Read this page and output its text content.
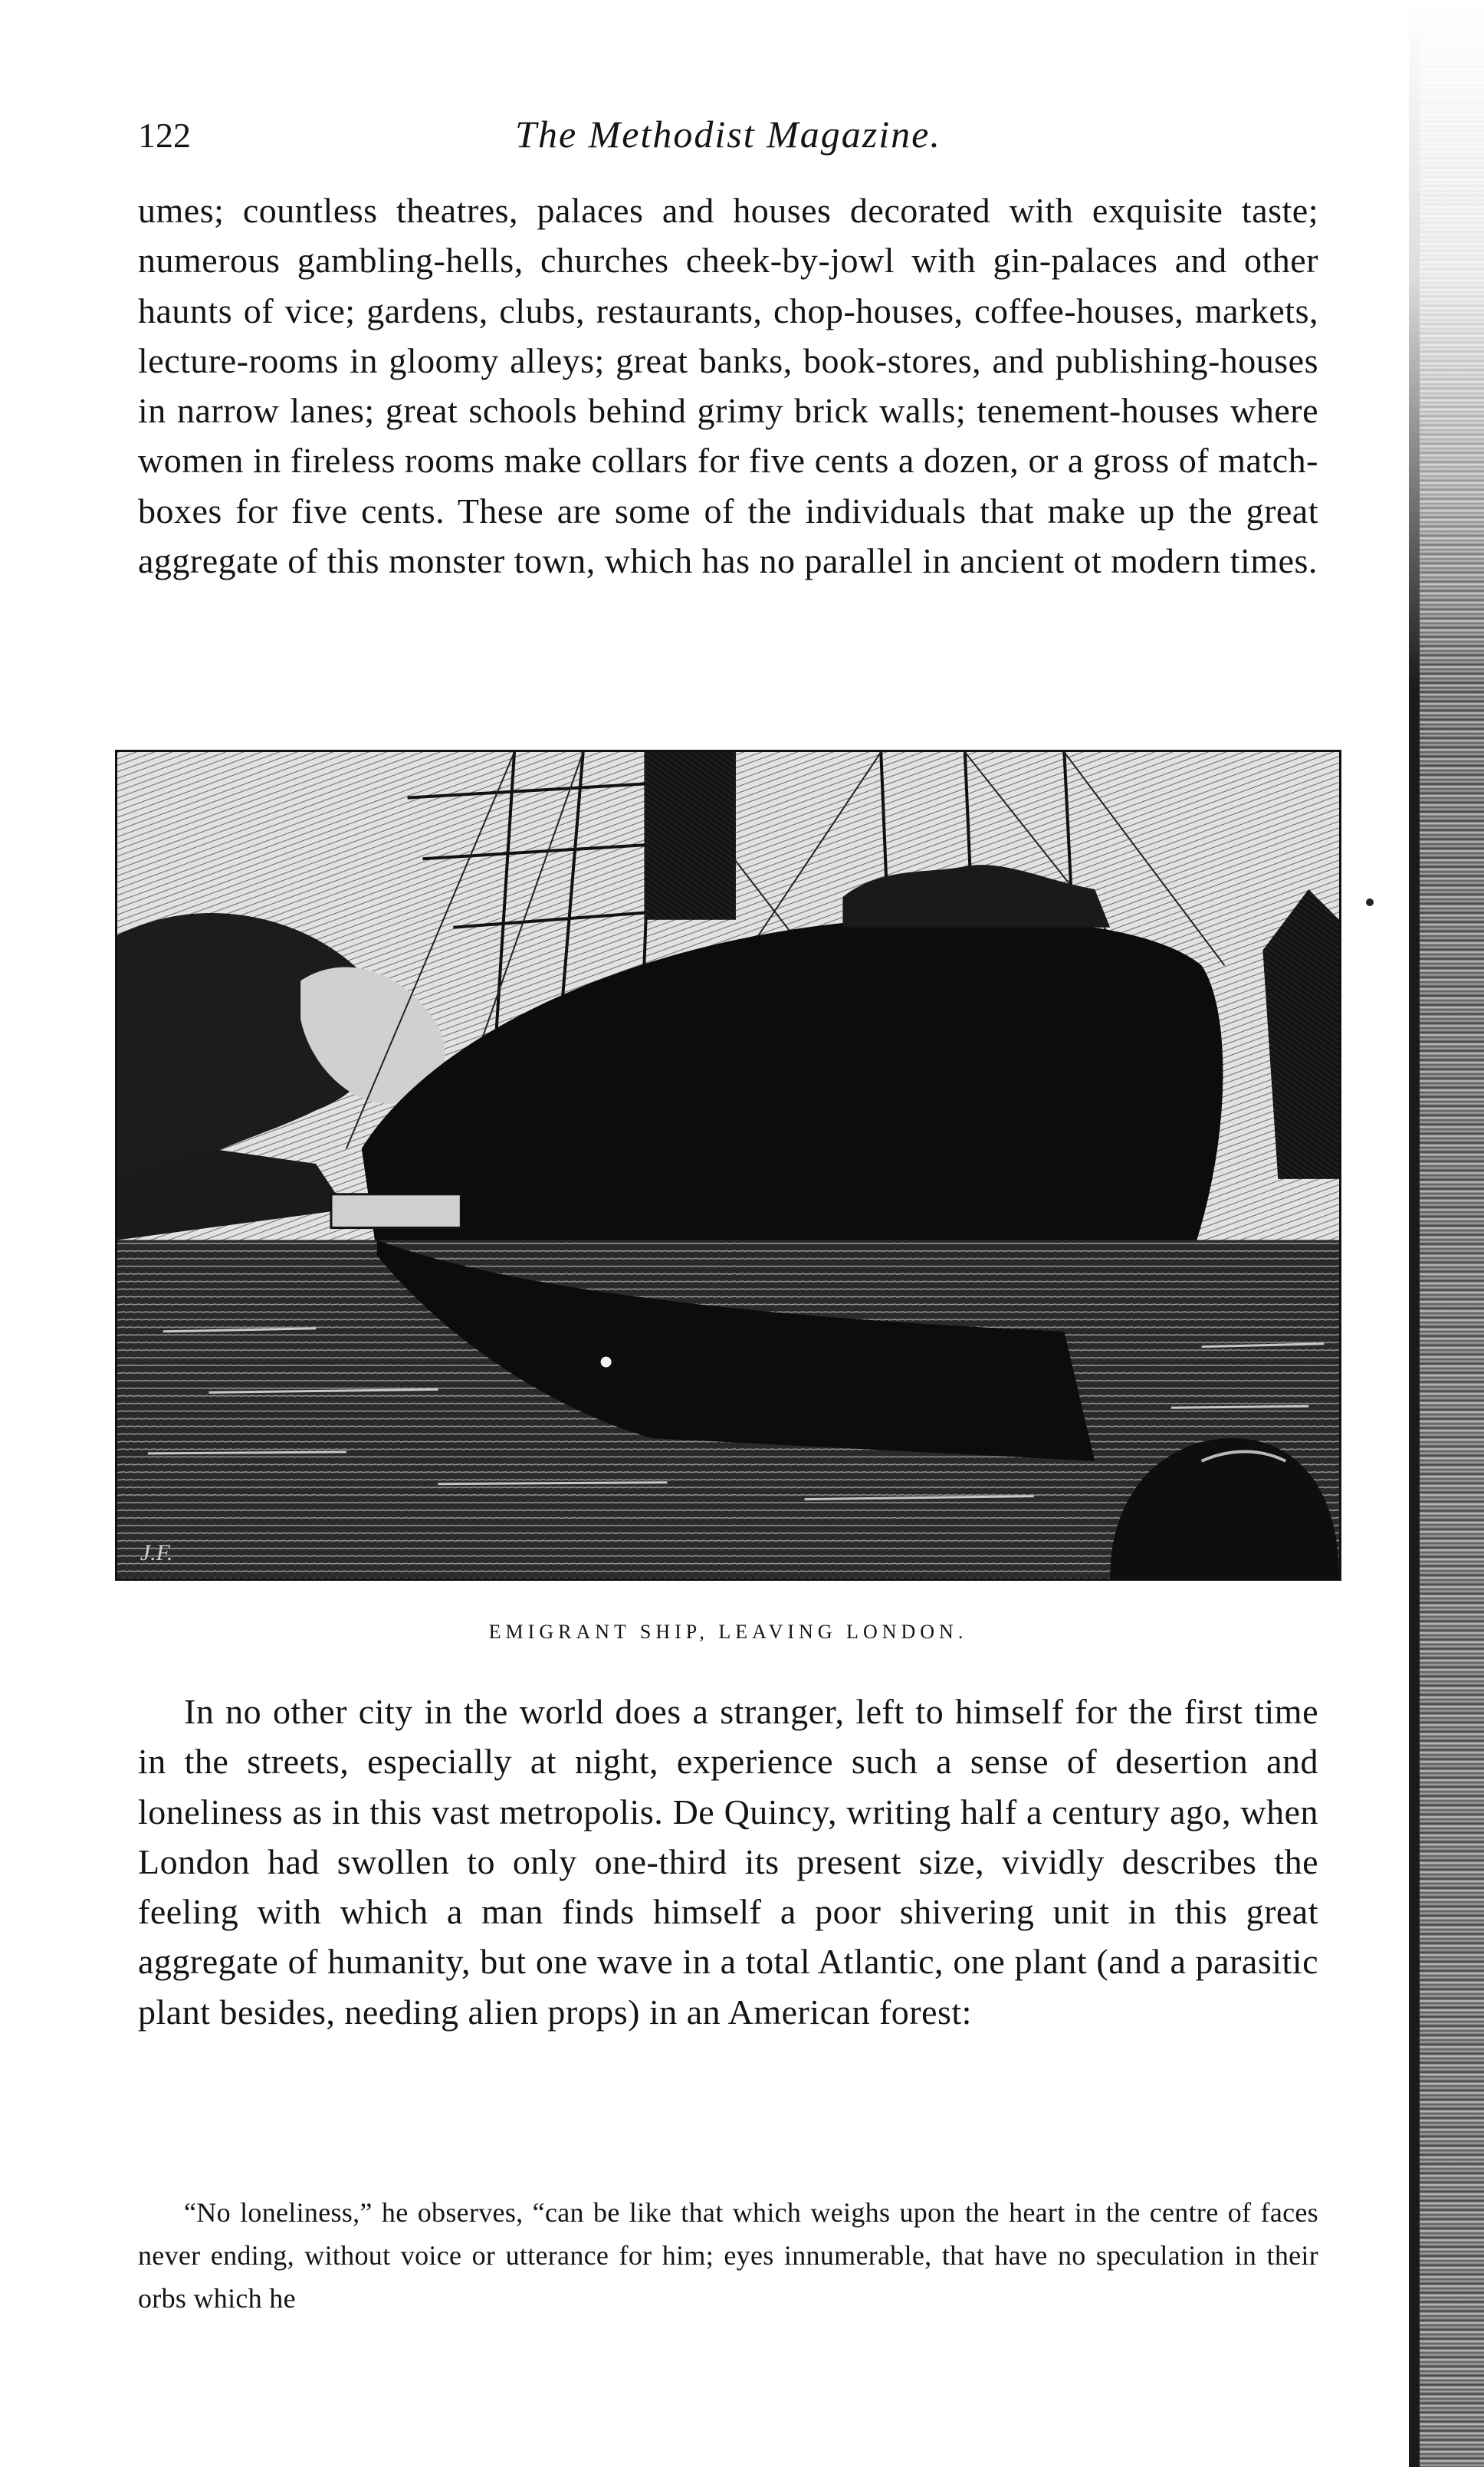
122	The Methodist Magazine.

umes; countless theatres, palaces and houses decorated with exquisite taste; numerous gambling-hells, churches cheek-by-jowl with gin-palaces and other haunts of vice; gardens, clubs, restaurants, chop-houses, coffee-houses, markets, lecture-rooms in gloomy alleys; great banks, book-stores, and publishing-houses in narrow lanes; great schools behind grimy brick walls; tenement-houses where women in fireless rooms make collars for five cents a dozen, or a gross of match-boxes for five cents. These are some of the individuals that make up the great aggregate of this monster town, which has no parallel in ancient ot modern times.

J.F.
EMIGRANT SHIP, LEAVING LONDON.

In no other city in the world does a stranger, left to himself for the first time in the streets, especially at night, experience such a sense of desertion and loneliness as in this vast metropolis. De Quincy, writing half a century ago, when London had swollen to only one-third its present size, vividly describes the feeling with which a man finds himself a poor shivering unit in this great aggregate of humanity, but one wave in a total Atlantic, one plant (and a parasitic plant besides, needing alien props) in an American forest:

“No loneliness,” he observes, “can be like that which weighs upon the heart in the centre of faces never ending, without voice or utterance for him; eyes innumerable, that have no speculation in their orbs which he
